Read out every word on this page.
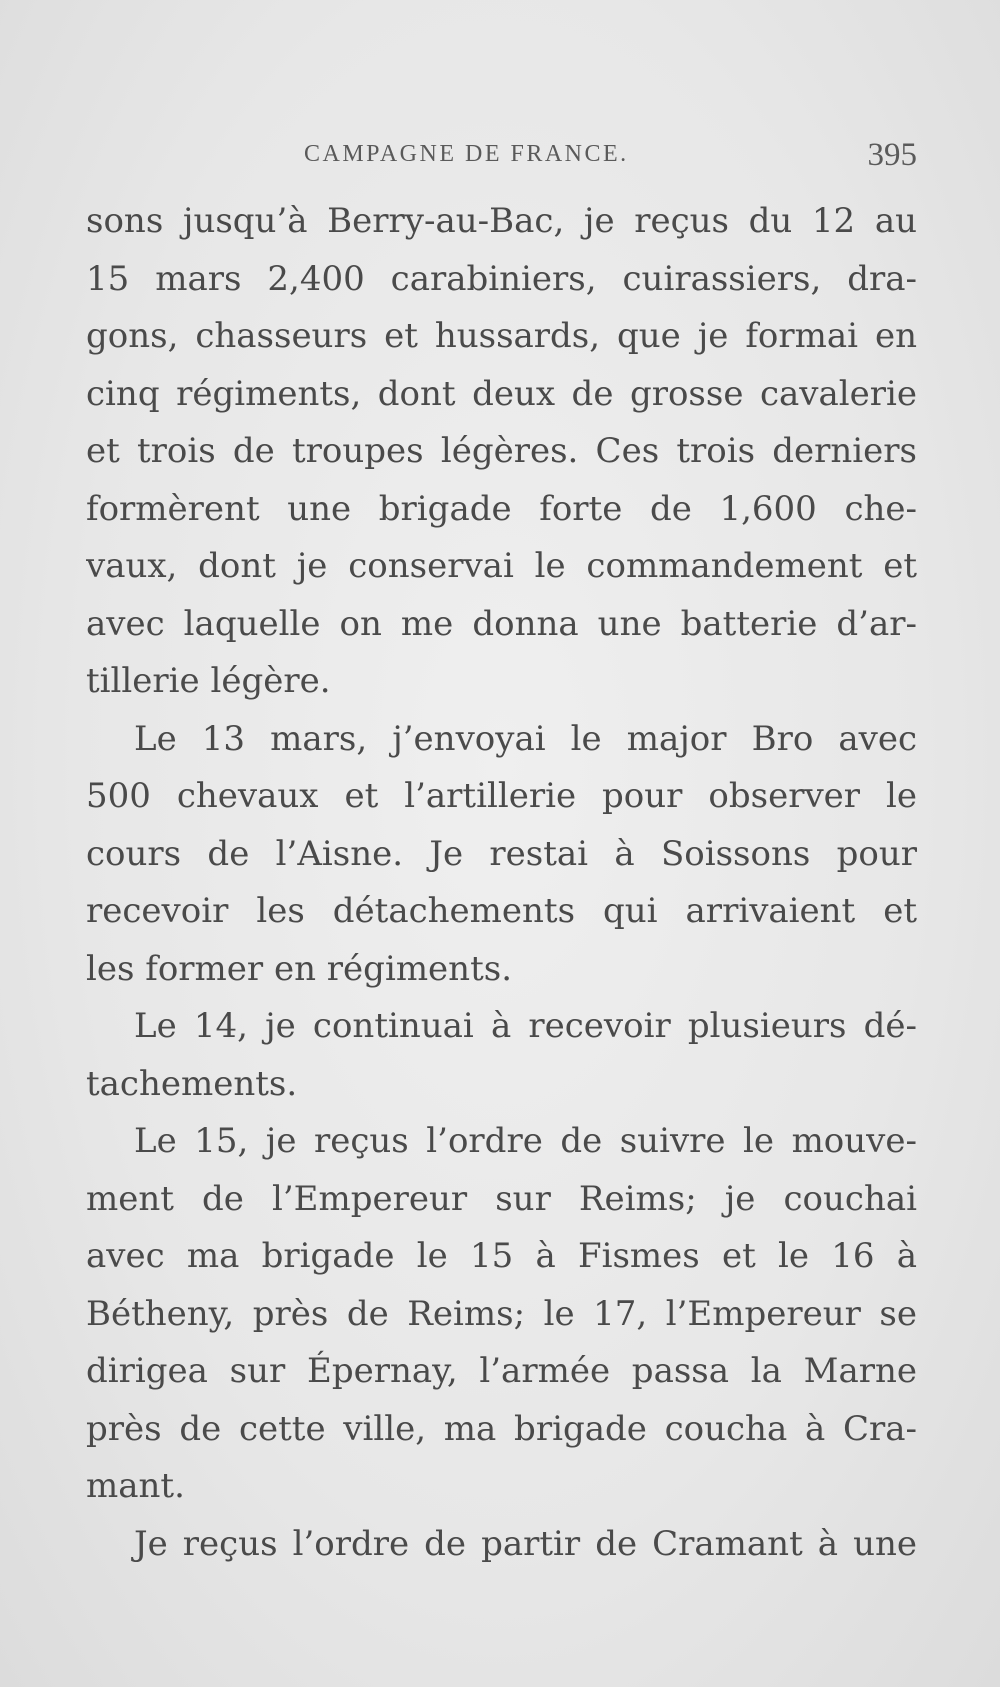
CAMPAGNE DE FRANCE.	395
sons jusqu’à Berry-au-Bac, je reçus du 12 au
15 mars 2,400 carabiniers, cuirassiers, dra-
gons, chasseurs et hussards, que je formai en
cinq régiments, dont deux de grosse cavalerie
et trois de troupes légères. Ces trois derniers
formèrent une brigade forte de 1,600 che-
vaux, dont je conservai le commandement et
avec laquelle on me donna une batterie d’ar-
tillerie légère.
Le 13 mars, j’envoyai le major Bro avec
500 chevaux et l’artillerie pour observer le
cours de l’Aisne. Je restai à Soissons pour
recevoir les détachements qui arrivaient et
les former en régiments.
Le 14, je continuai à recevoir plusieurs dé-
tachements.
Le 15, je reçus l’ordre de suivre le mouve-
ment de l’Empereur sur Reims; je couchai
avec ma brigade le 15 à Fismes et le 16 à
Bétheny, près de Reims; le 17, l’Empereur se
dirigea sur Épernay, l’armée passa la Marne
près de cette ville, ma brigade coucha à Cra-
mant.
Je reçus l’ordre de partir de Cramant à une
